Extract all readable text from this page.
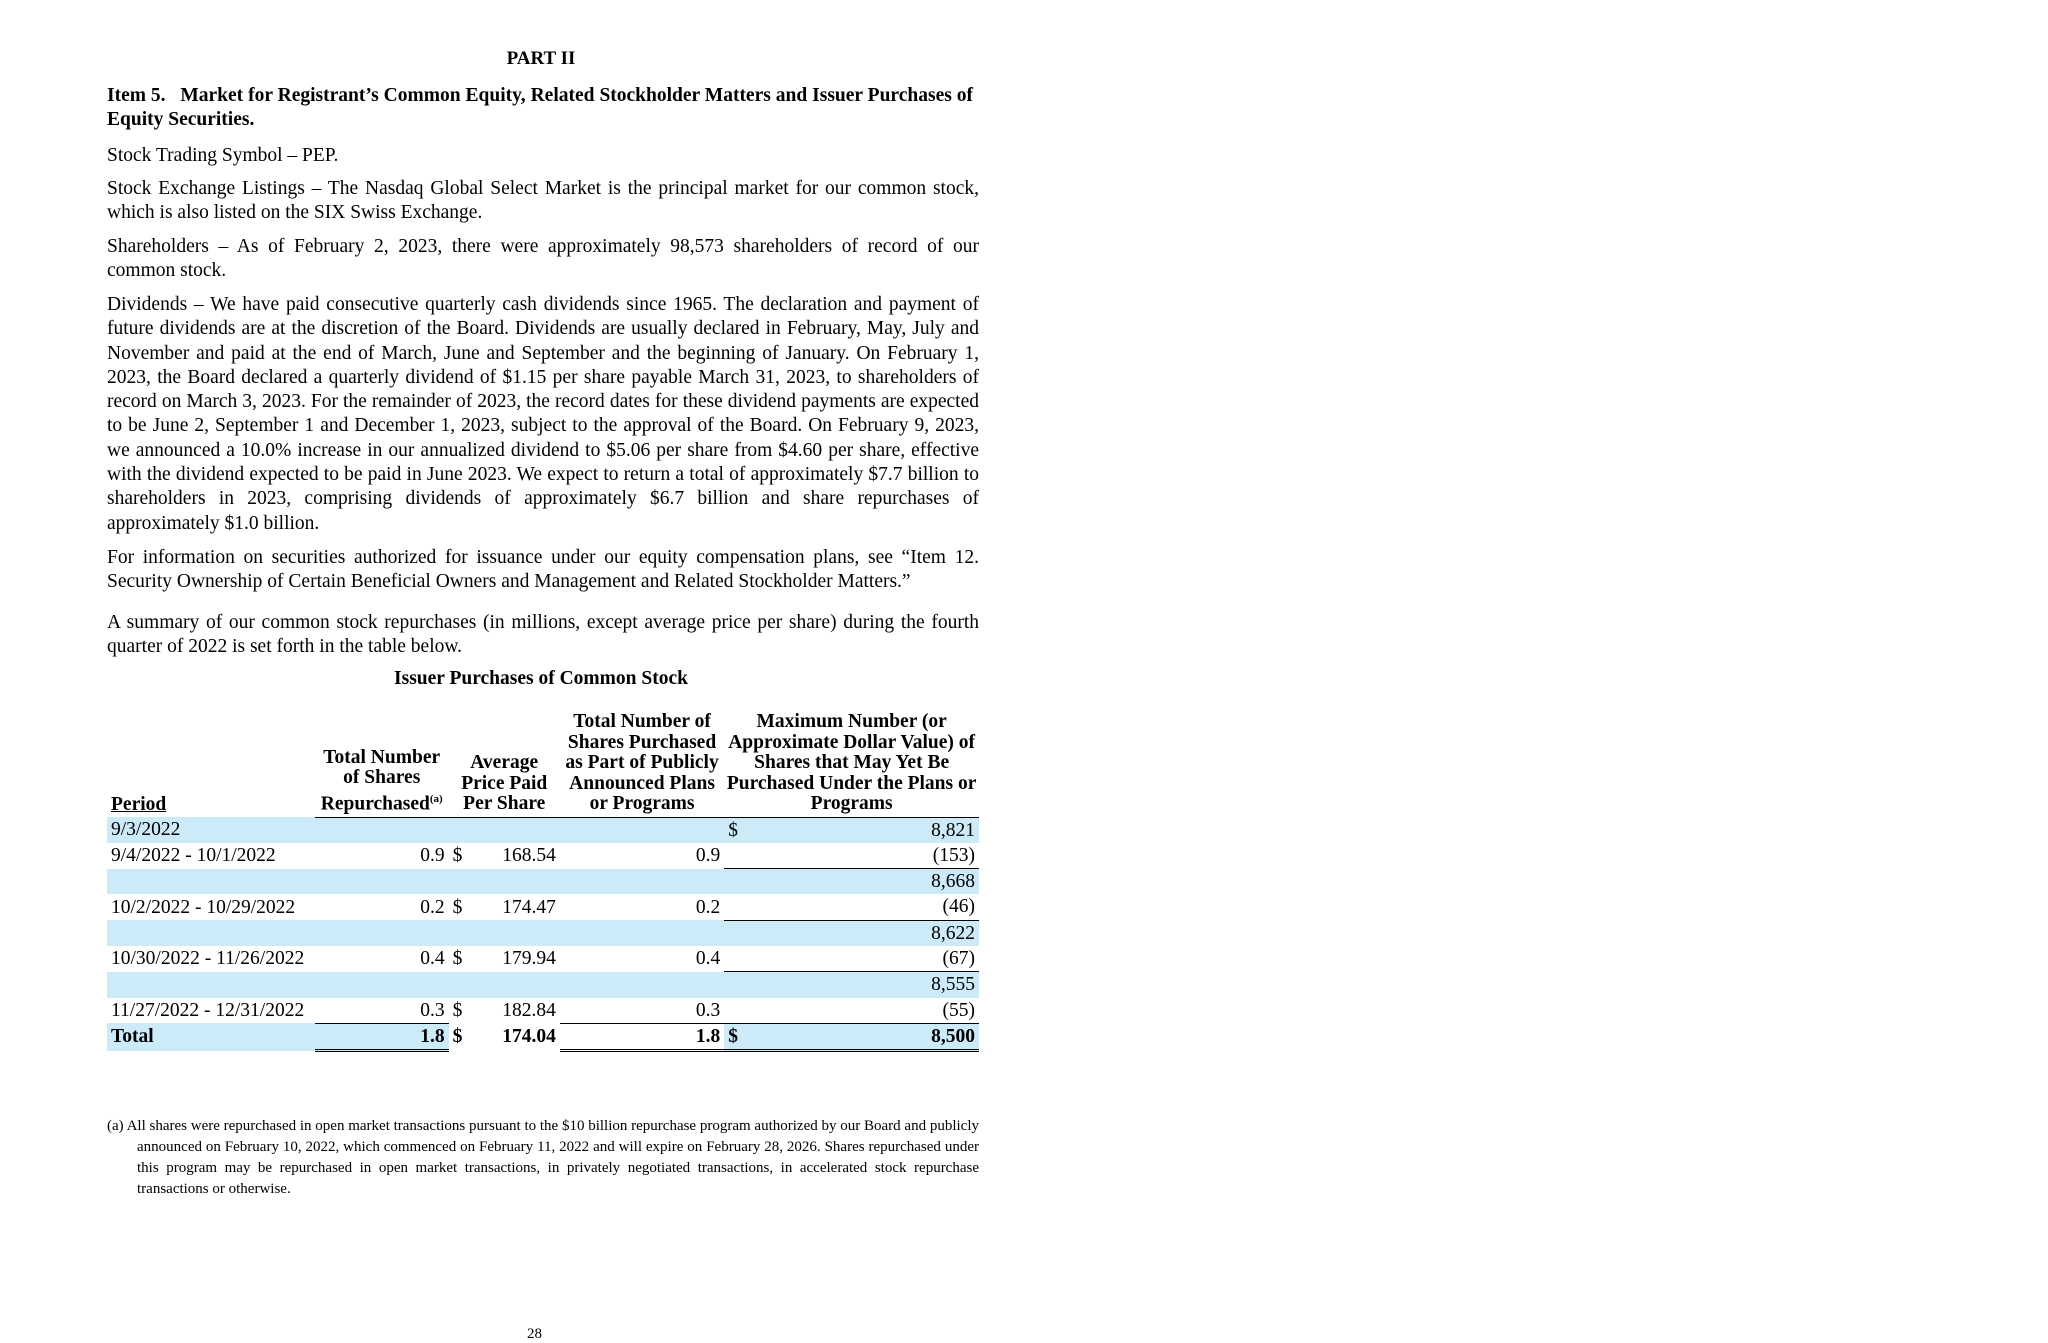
PART II
Item 5.   Market for Registrant’s Common Equity, Related Stockholder Matters and Issuer Purchases of Equity Securities.

Stock Trading Symbol – PEP.

Stock Exchange Listings – The Nasdaq Global Select Market is the principal market for our common stock, which is also listed on the SIX Swiss Exchange.

Shareholders – As of February 2, 2023, there were approximately 98,573 shareholders of record of our common stock.

Dividends – We have paid consecutive quarterly cash dividends since 1965. The declaration and payment of future dividends are at the discretion of the Board. Dividends are usually declared in February, May, July and November and paid at the end of March, June and September and the beginning of January. On February 1, 2023, the Board declared a quarterly dividend of $1.15 per share payable March 31, 2023, to shareholders of record on March 3, 2023. For the remainder of 2023, the record dates for these dividend payments are expected to be June 2, September 1 and December 1, 2023, subject to the approval of the Board. On February 9, 2023, we announced a 10.0% increase in our annualized dividend to $5.06 per share from $4.60 per share, effective with the dividend expected to be paid in June 2023. We expect to return a total of approximately $7.7 billion to shareholders in 2023, comprising dividends of approximately $6.7 billion and share repurchases of approximately $1.0 billion.

For information on securities authorized for issuance under our equity compensation plans, see “Item 12. Security Ownership of Certain Beneficial Owners and Management and Related Stockholder Matters.”

A summary of our common stock repurchases (in millions, except average price per share) during the fourth quarter of 2022 is set forth in the table below.

Issuer Purchases of Common Stock
Period	Total Number of Shares Repurchased$^{(a)}$	Average Price Paid Per Share		Total Number of Shares Purchased as Part of Publicly Announced Plans or Programs	Maximum Number (or Approximate Dollar Value) of Shares that May Yet Be Purchased Under the Plans or Programs	
9/3/2022					$	8,821
9/4/2022 - 10/1/2022	0.9	$	168.54	0.9		(153)
						8,668
10/2/2022 - 10/29/2022	0.2	$	174.47	0.2		(46)
						8,622
10/30/2022 - 11/26/2022	0.4	$	179.94	0.4		(67)
						8,555
11/27/2022 - 12/31/2022	0.3	$	182.84	0.3		(55)
Total	1.8	$	174.04	1.8	$	8,500
(a) All shares were repurchased in open market transactions pursuant to the $10 billion repurchase program authorized by our Board and publicly announced on February 10, 2022, which commenced on February 11, 2022 and will expire on February 28, 2026. Shares repurchased under this program may be repurchased in open market transactions, in privately negotiated transactions, in accelerated stock repurchase transactions or otherwise.
28
